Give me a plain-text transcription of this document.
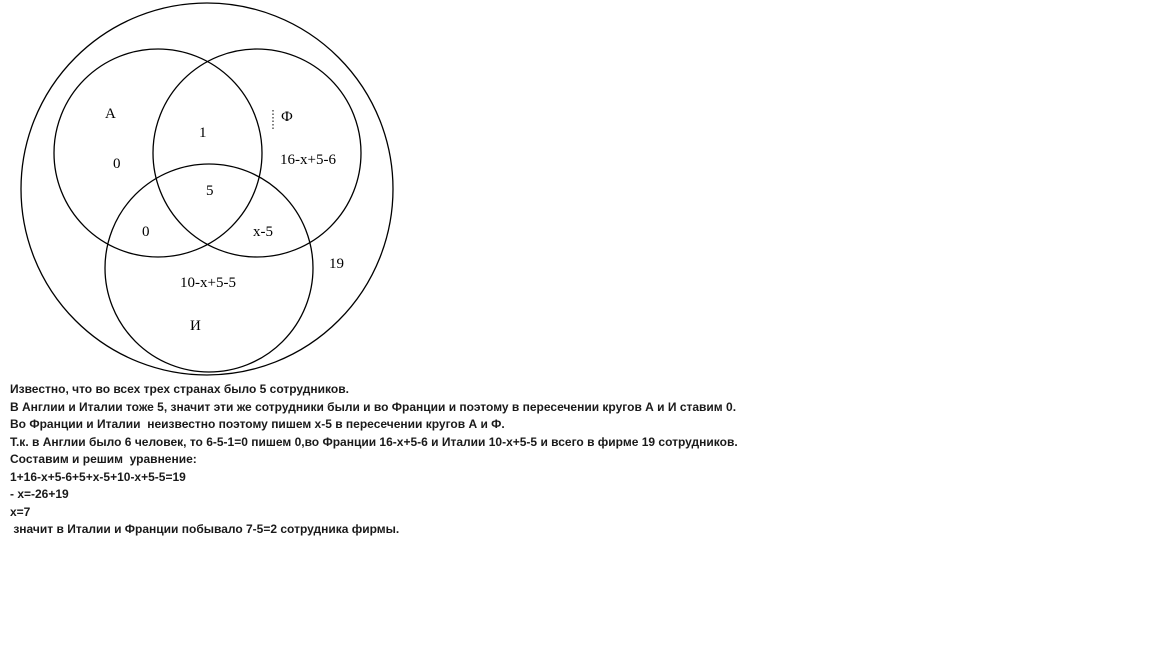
А	Ф
И
0
1
16-х+5-6
5
0	х-5
10-х+5-5
19
Известно, что во всех трех странах было 5 сотрудников.
В Англии и Италии тоже 5, значит эти же сотрудники были и во Франции и поэтому в пересечении кругов А и И ставим 0.
Во Франции и Италии  неизвестно поэтому пишем х-5 в пересечении кругов А и Ф.
Т.к. в Англии было 6 человек, то 6-5-1=0 пишем 0,во Франции 16-х+5-6 и Италии 10-х+5-5 и всего в фирме 19 сотрудников.
Составим и решим  уравнение:
1+16-х+5-6+5+х-5+10-х+5-5=19
- х=-26+19
х=7
значит в Италии и Франции побывало 7-5=2 сотрудника фирмы.
